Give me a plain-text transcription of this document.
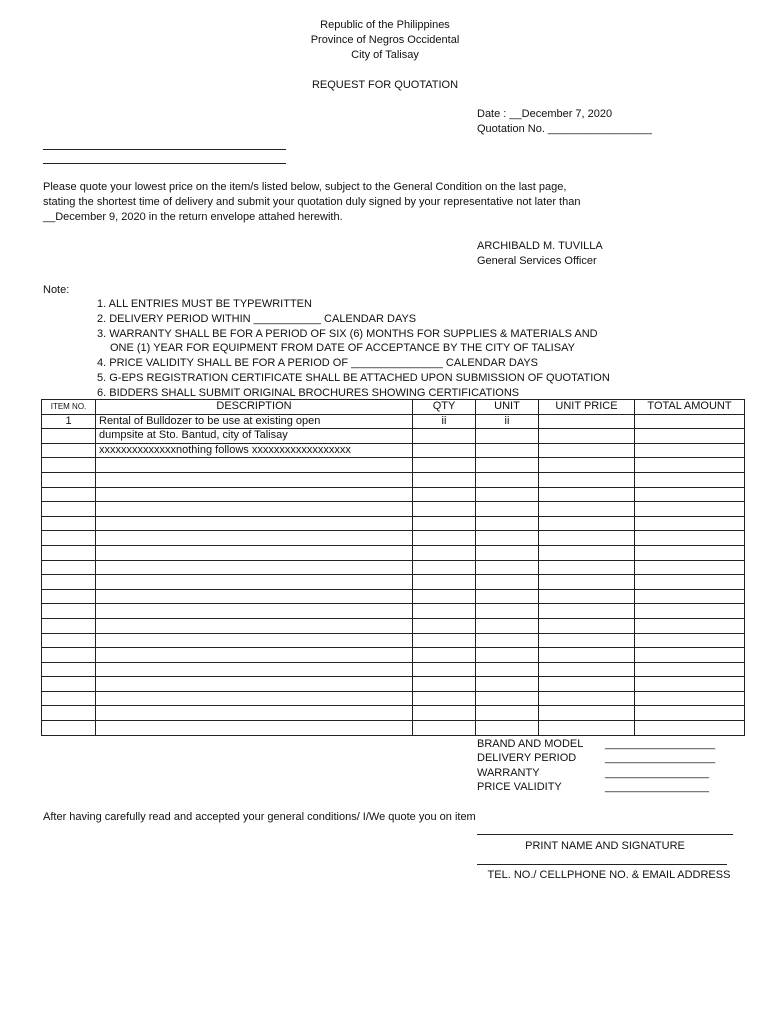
Republic of the Philippines
Province of Negros Occidental
City of Talisay
REQUEST FOR QUOTATION
Date : __December 7, 2020
Quotation No. _________________
Please quote your lowest price on the item/s listed below, subject to the General Condition on the last page,
stating the shortest time of delivery and submit your quotation duly signed by your representative not later than
__December 9, 2020 in the return envelope attahed herewith.
ARCHIBALD M. TUVILLA
General Services Officer
Note:
1. ALL ENTRIES MUST BE TYPEWRITTEN
2. DELIVERY PERIOD WITHIN ___________ CALENDAR DAYS
3. WARRANTY SHALL BE FOR A PERIOD OF SIX (6) MONTHS FOR SUPPLIES & MATERIALS AND
ONE (1) YEAR FOR EQUIPMENT FROM DATE OF ACCEPTANCE BY THE CITY OF TALISAY
4. PRICE VALIDITY SHALL BE FOR A PERIOD OF _______________ CALENDAR DAYS
5. G-EPS REGISTRATION CERTIFICATE SHALL BE ATTACHED UPON SUBMISSION OF QUOTATION
6. BIDDERS SHALL SUBMIT ORIGINAL BROCHURES SHOWING CERTIFICATIONS
ITEM NO.	DESCRIPTION	QTY	UNIT	UNIT PRICE	TOTAL AMOUNT
1	Rental of Bulldozer to be use at existing open	ii	ii		
	dumpsite at Sto. Bantud, city of Talisay				
	xxxxxxxxxxxxxxnothing follows xxxxxxxxxxxxxxxxxx				

BRAND AND MODEL __________________
DELIVERY PERIOD	__________________
WARRANTY	_________________
PRICE VALIDITY	_________________
After having carefully read and accepted your general conditions/ I/We quote you on item
PRINT NAME AND SIGNATURE
TEL. NO./ CELLPHONE NO. & EMAIL ADDRESS
